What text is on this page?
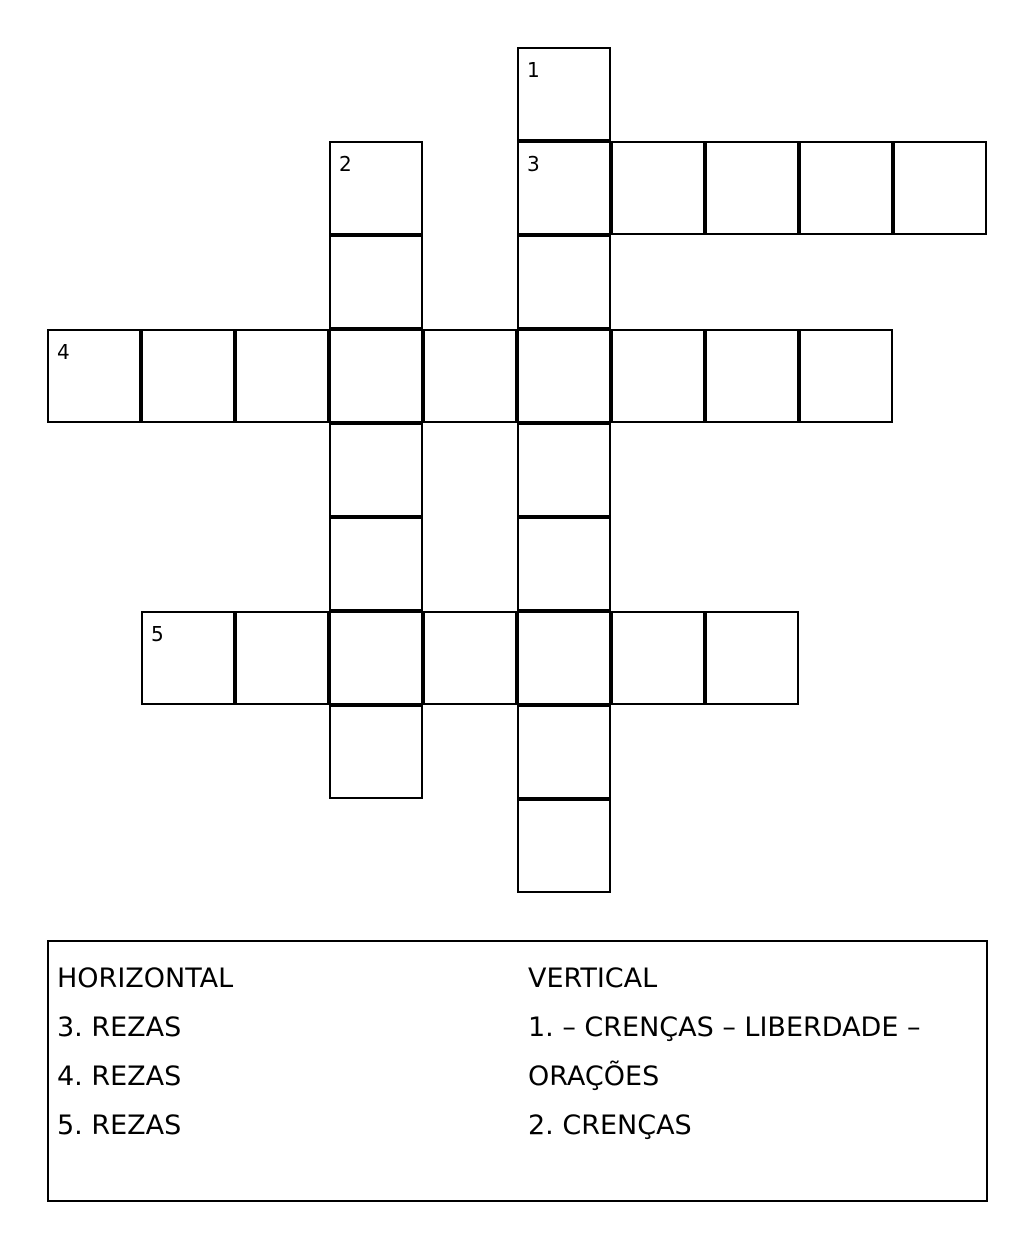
1
2	3
4
5
HORIZONTAL
3. REZAS
4. REZAS
5. REZAS
VERTICAL
1. – CRENÇAS – LIBERDADE –
ORAÇÕES
2. CRENÇAS
